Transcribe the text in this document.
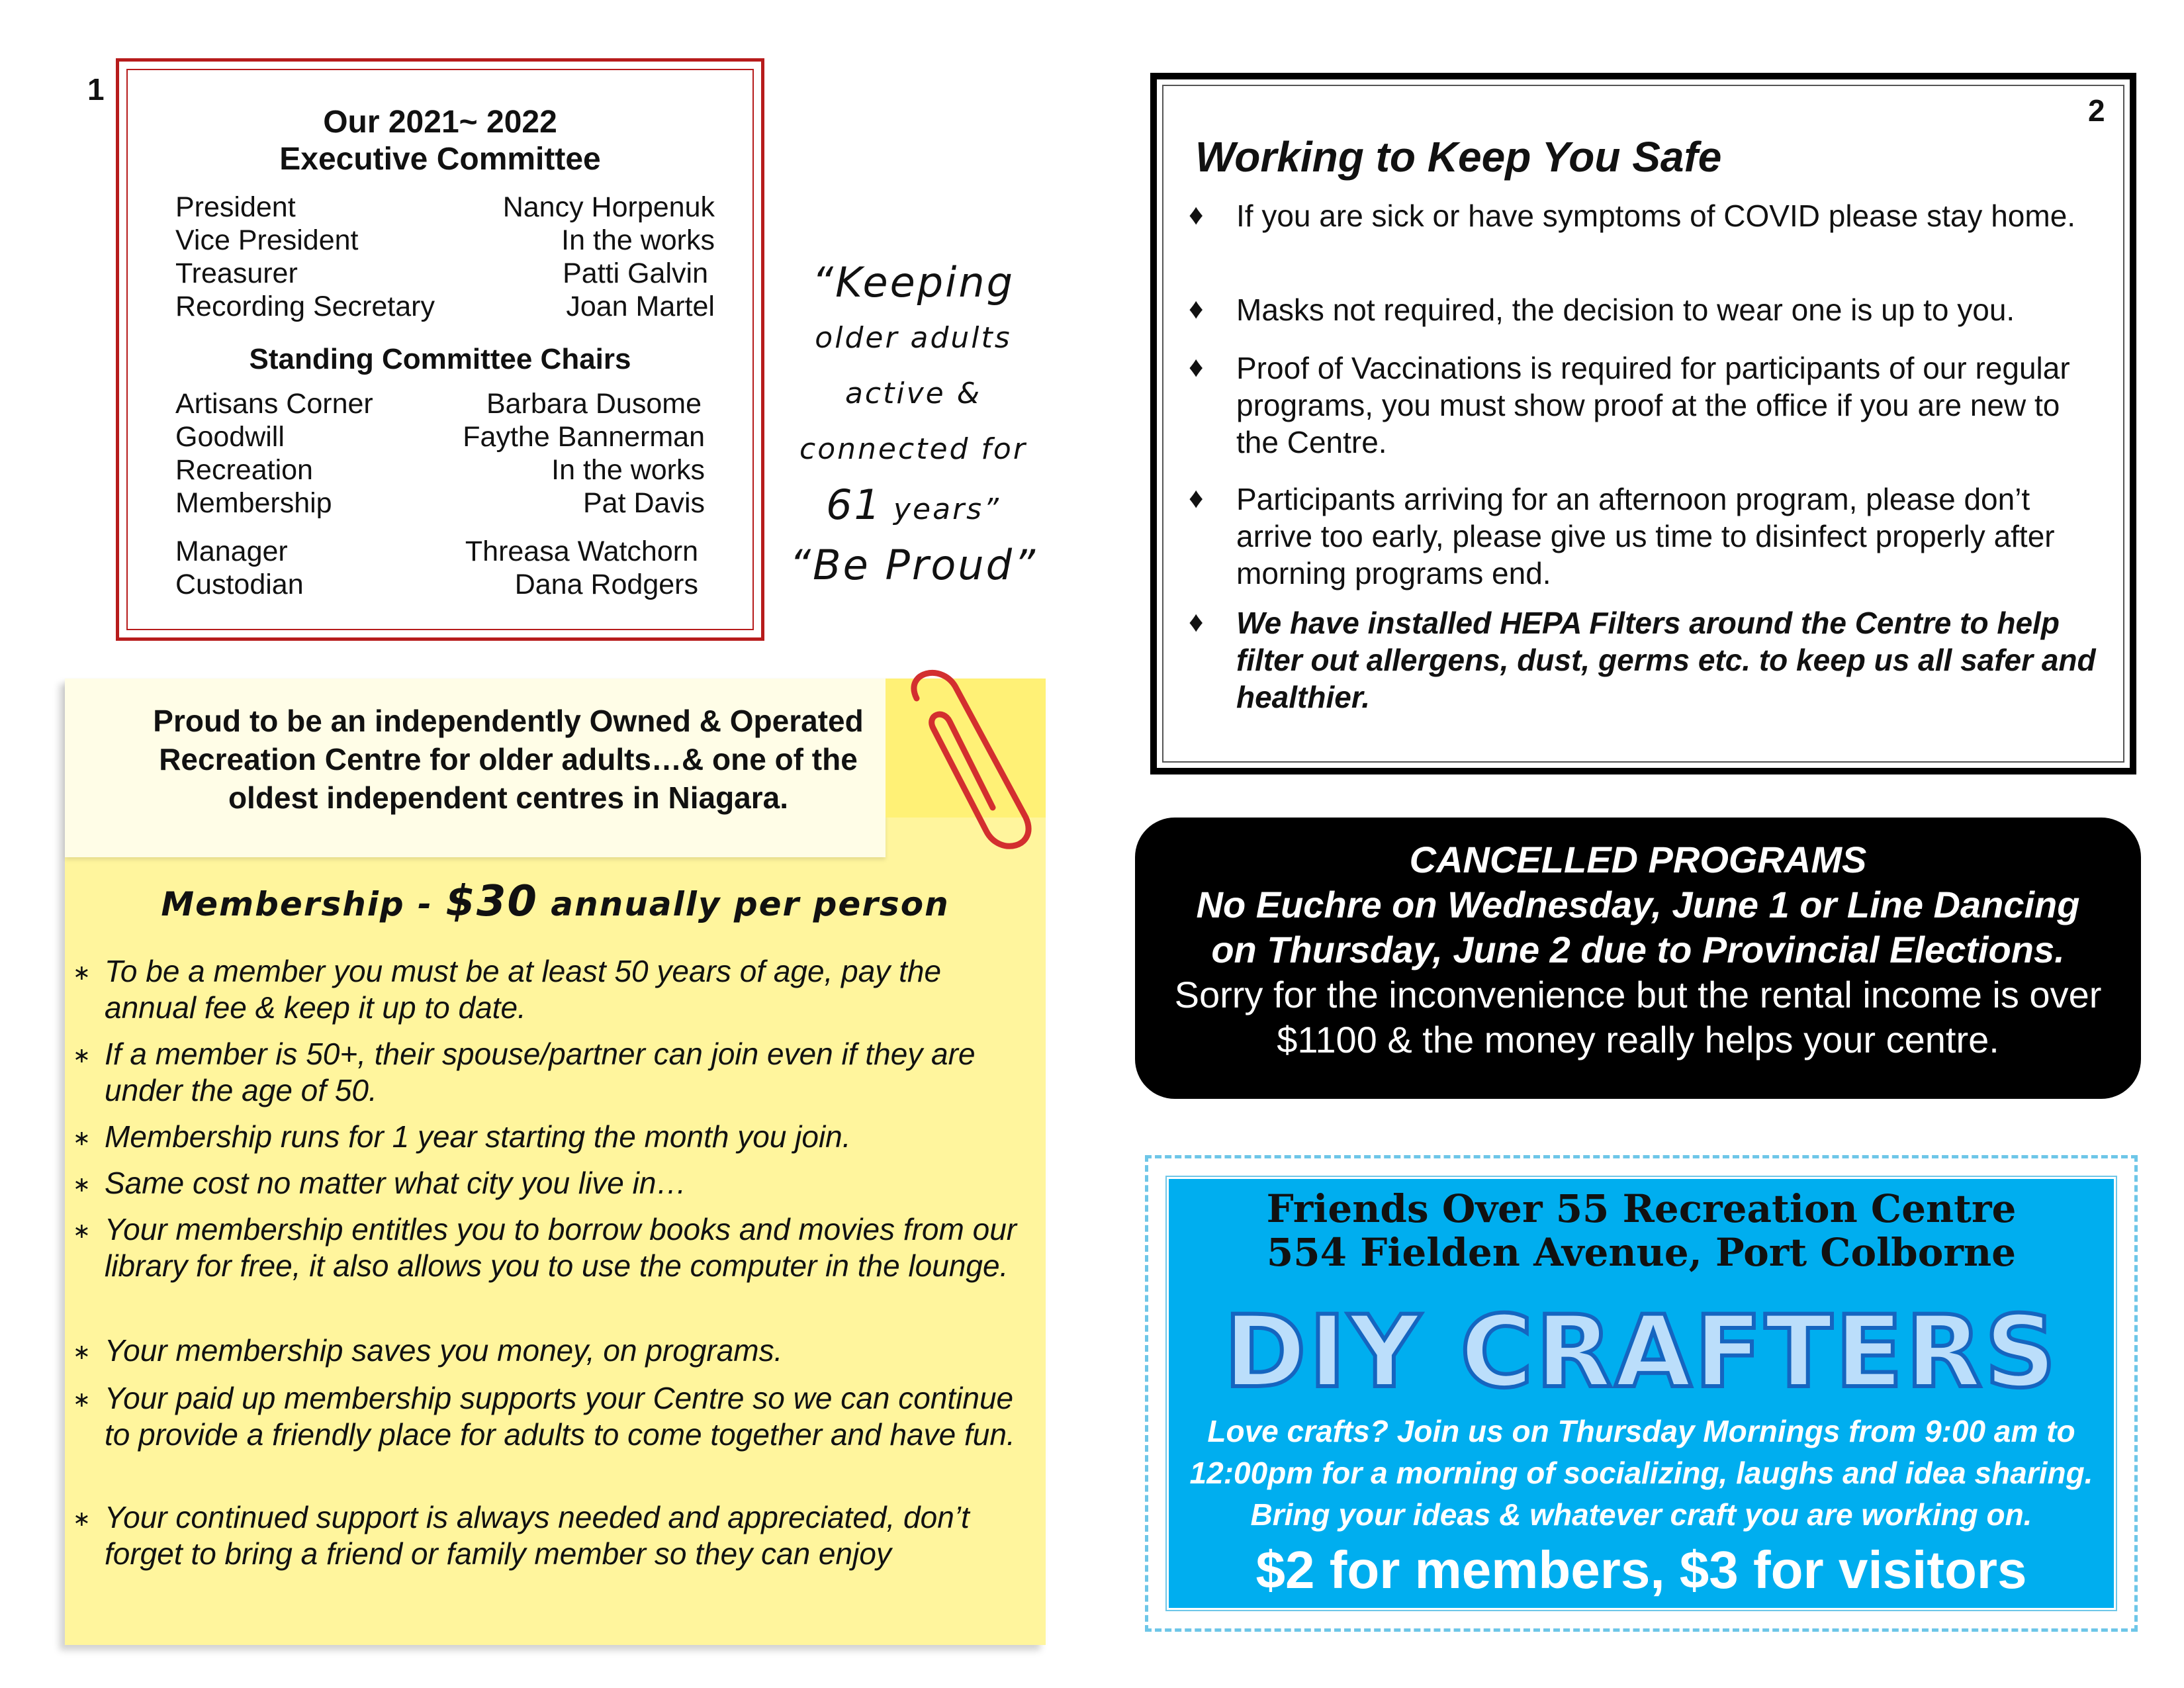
1
2
Our 2021~ 2022
Executive Committee
President	Nancy Horpenuk
Vice President	In the works
Treasurer	Patti Galvin
Recording Secretary	Joan Martel
Standing Committee Chairs
Artisans Corner	Barbara Dusome
Goodwill	Faythe Bannerman
Recreation	In the works
Membership	Pat Davis
Manager	Threasa Watchorn
Custodian	Dana Rodgers
“Keeping
older adults
active &
connected for
61 years”
“Be Proud”
Working to Keep You Safe
♦ If you are sick or have symptoms of COVID please stay home.
♦ Masks not required, the decision to wear one is up to you.
♦ Proof of Vaccinations is required for participants of our regular programs, you must show proof at the office if you are new to the Centre.
♦ Participants arriving for an afternoon program, please don’t arrive too early, please give us time to disinfect properly after morning programs end.
♦ We have installed HEPA Filters around the Centre to help filter out allergens, dust, germs etc. to keep us all safer and healthier.
Proud to be an independently Owned & Operated
Recreation Centre for older adults…& one of the
oldest independent centres in Niagara.
Membership - $30 annually per person
∗ To be a member you must be at least 50 years of age, pay the annual fee & keep it up to date.
∗ If a member is 50+, their spouse/partner can join even if they are under the age of 50.
∗ Membership runs for 1 year starting the month you join.
∗ Same cost no matter what city you live in…
∗ Your membership entitles you to borrow books and movies from our library for free, it also allows you to use the computer in the lounge.
∗ Your membership saves you money, on programs.
∗ Your paid up membership supports your Centre so we can continue to provide a friendly place for adults to come together and have fun.
∗ Your continued support is always needed and appreciated, don’t forget to bring a friend or family member so they can enjoy
CANCELLED PROGRAMS
No Euchre on Wednesday, June 1 or Line Dancing
on Thursday, June 2 due to Provincial Elections.
Sorry for the inconvenience but the rental income is over
$1100 & the money really helps your centre.
Friends Over 55 Recreation Centre
554 Fielden Avenue, Port Colborne
DIY CRAFTERS
Love crafts? Join us on Thursday Mornings from 9:00 am to
12:00pm for a morning of socializing, laughs and idea sharing.
Bring your ideas & whatever craft you are working on.
$2 for members, $3 for visitors
